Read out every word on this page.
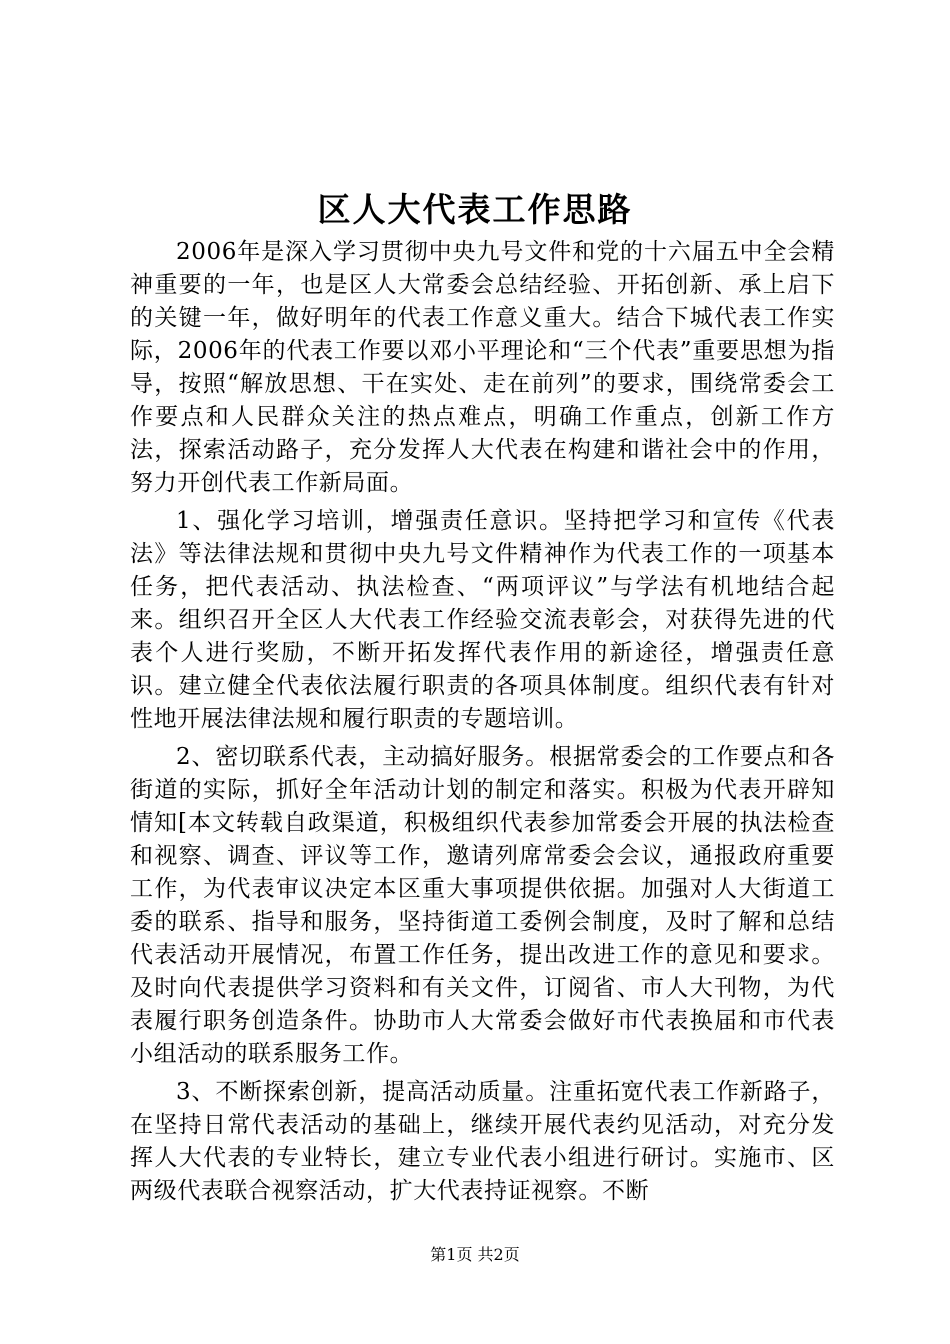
区人大代表工作思路

2006年是深入学习贯彻中央九号文件和党的十六届五中全会精神重要的一年，也是区人大常委会总结经验、开拓创新、承上启下的关键一年，做好明年的代表工作意义重大。结合下城代表工作实际，2006年的代表工作要以邓小平理论和“三个代表”重要思想为指导，按照“解放思想、干在实处、走在前列”的要求，围绕常委会工作要点和人民群众关注的热点难点，明确工作重点，创新工作方法，探索活动路子，充分发挥人大代表在构建和谐社会中的作用，努力开创代表工作新局面。

1、强化学习培训，增强责任意识。坚持把学习和宣传《代表法》等法律法规和贯彻中央九号文件精神作为代表工作的一项基本任务，把代表活动、执法检查、“两项评议”与学法有机地结合起来。组织召开全区人大代表工作经验交流表彰会，对获得先进的代表个人进行奖励，不断开拓发挥代表作用的新途径，增强责任意识。建立健全代表依法履行职责的各项具体制度。组织代表有针对性地开展法律法规和履行职责的专题培训。

2、密切联系代表，主动搞好服务。根据常委会的工作要点和各街道的实际，抓好全年活动计划的制定和落实。积极为代表开辟知情知[本文转载自政渠道，积极组织代表参加常委会开展的执法检查和视察、调查、评议等工作，邀请列席常委会会议，通报政府重要工作，为代表审议决定本区重大事项提供依据。加强对人大街道工委的联系、指导和服务，坚持街道工委例会制度，及时了解和总结代表活动开展情况，布置工作任务，提出改进工作的意见和要求。及时向代表提供学习资料和有关文件，订阅省、市人大刊物，为代表履行职务创造条件。协助市人大常委会做好市代表换届和市代表小组活动的联系服务工作。

3、不断探索创新，提高活动质量。注重拓宽代表工作新路子，在坚持日常代表活动的基础上，继续开展代表约见活动，对充分发挥人大代表的专业特长，建立专业代表小组进行研讨。实施市、区两级代表联合视察活动，扩大代表持证视察。不断

第1页 共2页
